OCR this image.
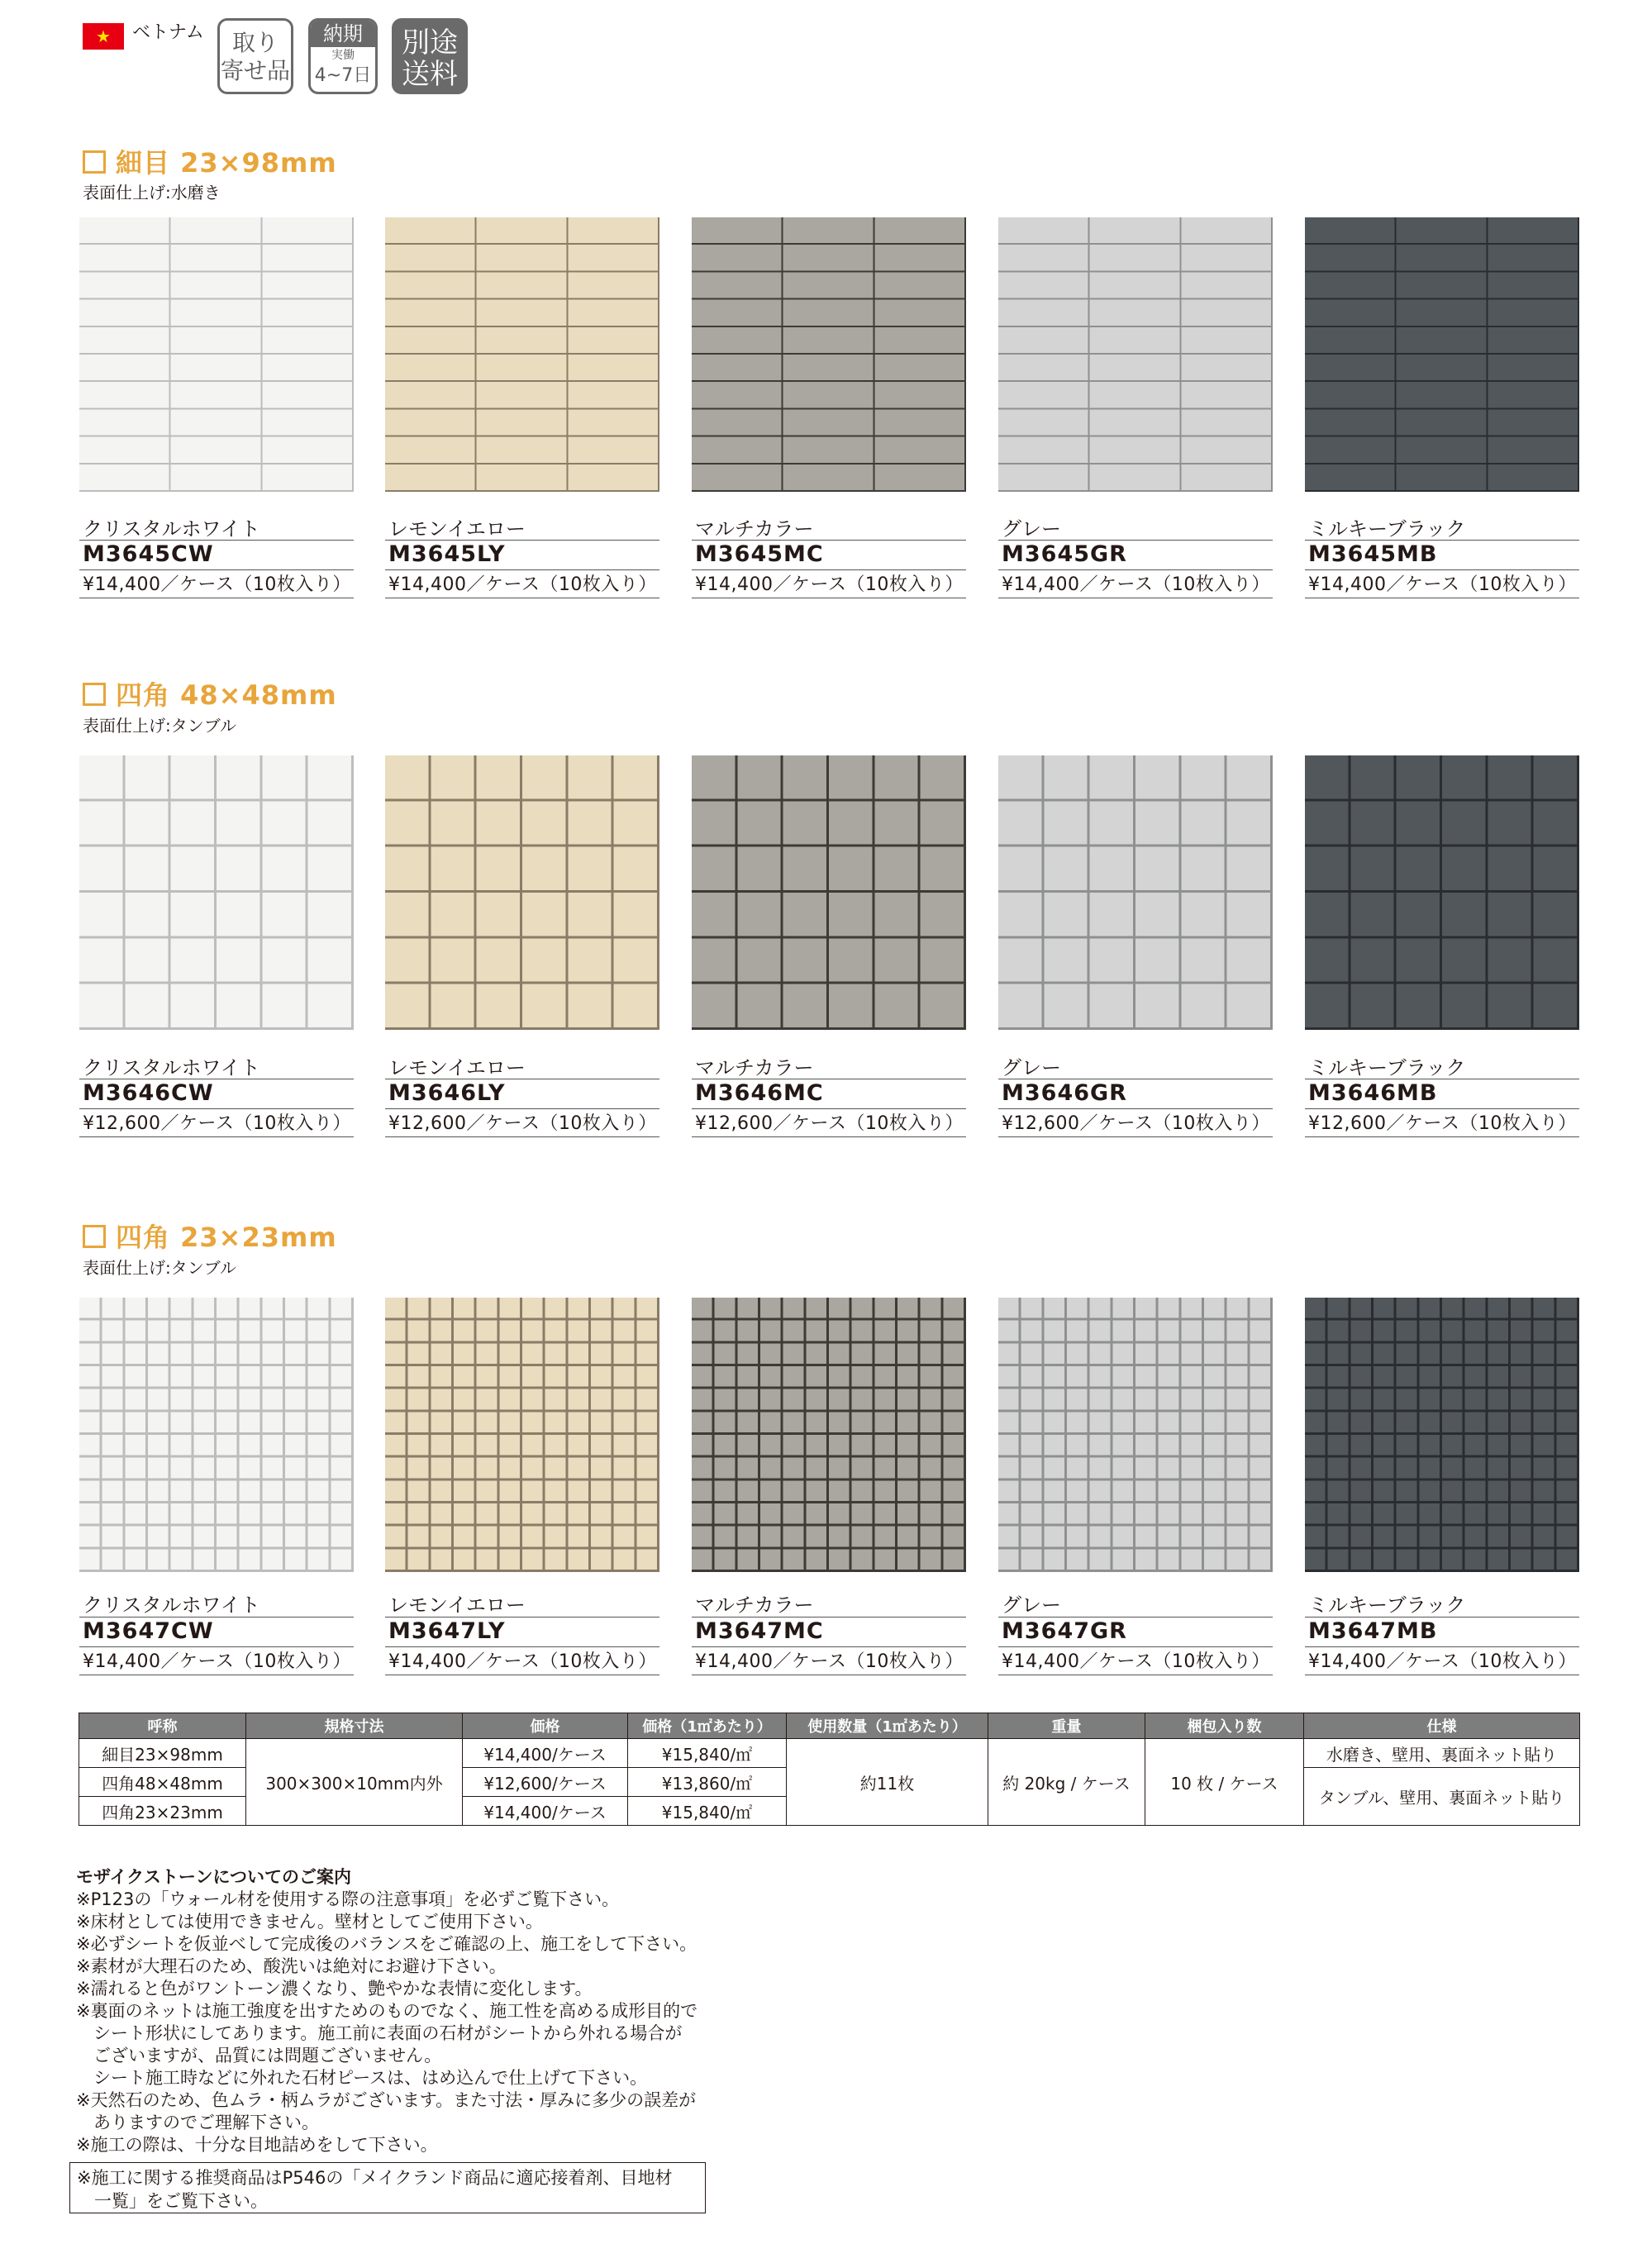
★	ベトナム	取り
寄せ品
納期
実働
4~7日
別途
送料
細目 23×98mm
表面仕上げ:水磨き
四角 48×48mm
表面仕上げ:タンブル
四角 23×23mm
表面仕上げ:タンブル
クリスタルホワイト
M3645CW
¥14,400／ケース（10枚入り）
レモンイエロー
M3645LY
¥14,400／ケース（10枚入り）
マルチカラー
M3645MC
¥14,400／ケース（10枚入り）
グレー
M3645GR
¥14,400／ケース（10枚入り）
ミルキーブラック
M3645MB
¥14,400／ケース（10枚入り）
クリスタルホワイト
M3646CW
¥12,600／ケース（10枚入り）
レモンイエロー
M3646LY
¥12,600／ケース（10枚入り）
マルチカラー
M3646MC
¥12,600／ケース（10枚入り）
グレー
M3646GR
¥12,600／ケース（10枚入り）
ミルキーブラック
M3646MB
¥12,600／ケース（10枚入り）
クリスタルホワイト
M3647CW
¥14,400／ケース（10枚入り）
レモンイエロー
M3647LY
¥14,400／ケース（10枚入り）
マルチカラー
M3647MC
¥14,400／ケース（10枚入り）
グレー
M3647GR
¥14,400／ケース（10枚入り）
ミルキーブラック
M3647MB
¥14,400／ケース（10枚入り）
呼称	規格寸法	価格	価格（1㎡あたり）	使用数量（1㎡あたり）	重量	梱包入り数	仕様
細目23×98mm	300×300×10mm内外	¥14,400/ケース	¥15,840/㎡	約11枚	約 20kg / ケース	10 枚 / ケース	水磨き、壁用、裏面ネット貼り
四角48×48mm		¥12,600/ケース	¥13,860/㎡				タンブル、壁用、裏面ネット貼り
四角23×23mm		¥14,400/ケース	¥15,840/㎡				
モザイクストーンについてのご案内
※P123の「ウォール材を使用する際の注意事項」を必ずご覧下さい。
※床材としては使用できません。壁材としてご使用下さい。
※必ずシートを仮並べして完成後のバランスをご確認の上、施工をして下さい。
※素材が大理石のため、酸洗いは絶対にお避け下さい。
※濡れると色がワントーン濃くなり、艶やかな表情に変化します。
※裏面のネットは施工強度を出すためのものでなく、施工性を高める成形目的で
　シート形状にしてあります。施工前に表面の石材がシートから外れる場合が
　ございますが、品質には問題ございません。
　シート施工時などに外れた石材ピースは、はめ込んで仕上げて下さい。
※天然石のため、色ムラ・柄ムラがございます。また寸法・厚みに多少の誤差が
　ありますのでご理解下さい。
※施工の際は、十分な目地詰めをして下さい。
※施工に関する推奨商品はP546の「メイクランド商品に適応接着剤、目地材
　一覧」をご覧下さい。
